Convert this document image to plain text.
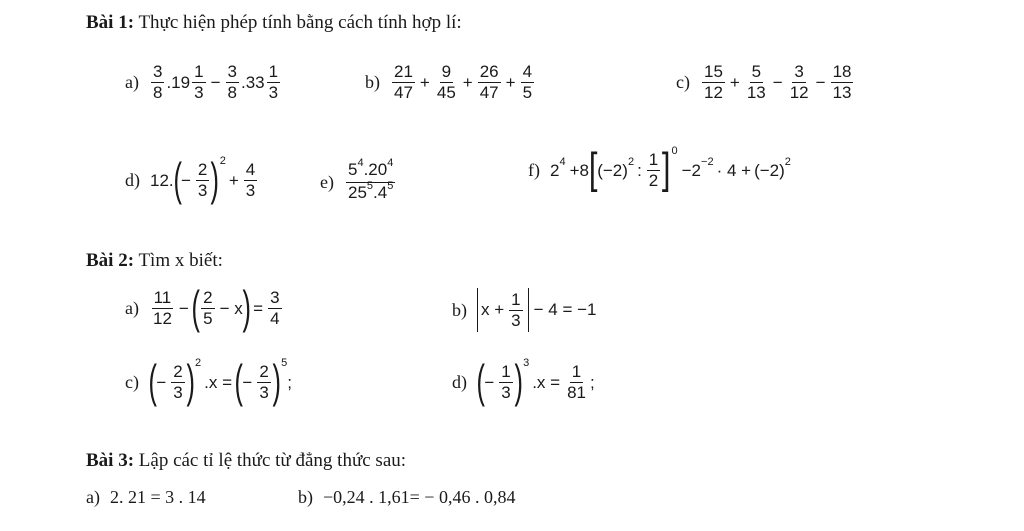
Bài 1: Thực hiện phép tính bằng cách tính hợp lí:
$a) \frac{3}{8} .19 \frac{1}{3} - \frac{3}{8} .33 \frac{1}{3}$	$b) \frac{21}{47} + \frac{9}{45} + \frac{26}{47} + \frac{4}{5}$	$c) \frac{15}{12} + \frac{5}{13} - \frac{3}{12} - \frac{18}{13}$
d) 12. ( − $\frac{2}{3}$ ) 2
+ $\frac{4}{3}$	$e) \frac{5^4.20^4}{25^5.4^5}$	f) 2 4 +8 [ (−2) 2 : $\frac{1}{2}$ ] 0
−2 −2 · 4 + (−2) 2
Bài 2: Tìm x biết:
$a) \frac{11}{12}$ − ( $\frac{2}{5} - x$ ) = $\frac{3}{4}$	b) $x + \frac{1}{3} - 4 = -1$
c) ( − $\frac{2}{3}$ ) 2
.x = ( − $\frac{2}{3}$ ) 5
;	d) ( − $\frac{1}{3}$ ) 3
$.x = \frac{1}{81}$ ;
Bài 3: Lập các tỉ lệ thức từ đẳng thức sau:
a) 2. 21 = 3 . 14	b) −0,24 . 1,61= − 0,46 . 0,84
